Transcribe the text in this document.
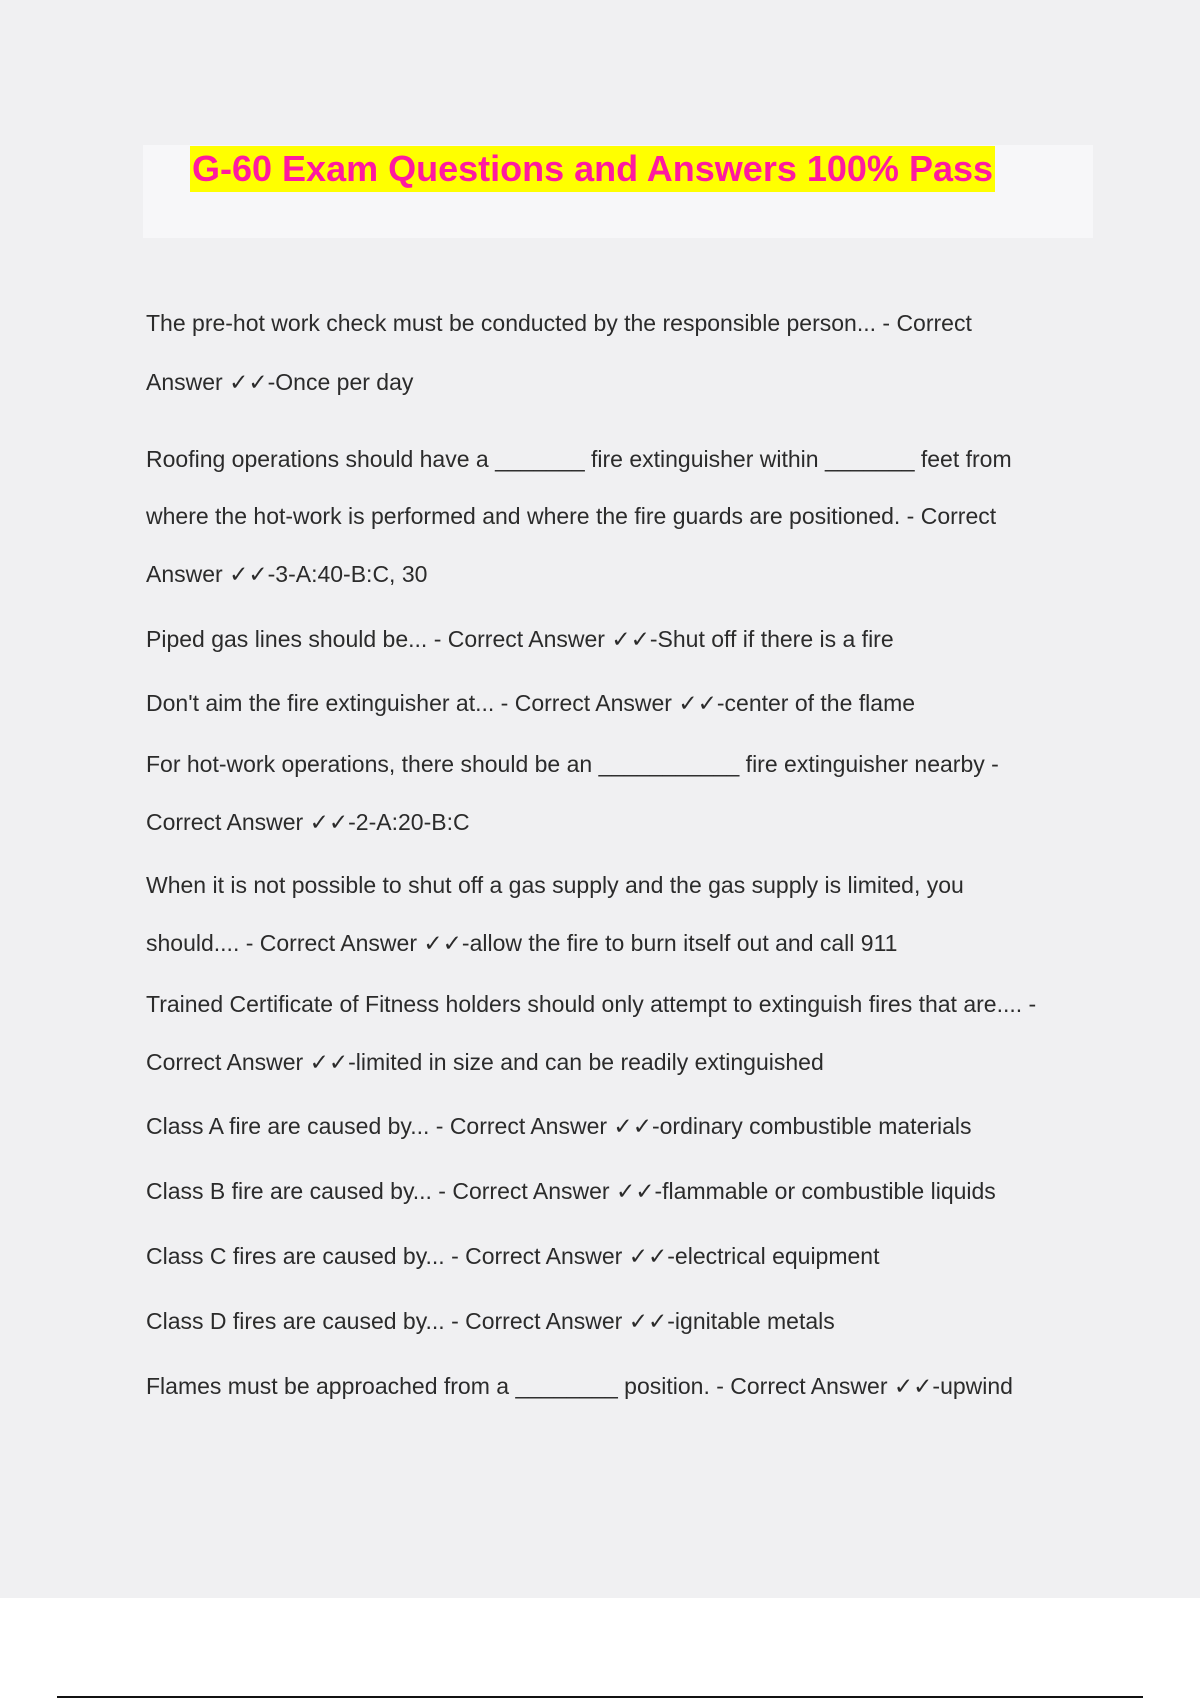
G-60 Exam Questions and Answers 100% Pass

The pre-hot work check must be conducted by the responsible person... - Correct

Answer ✓✓-Once per day

Roofing operations should have a _______ fire extinguisher within _______ feet from

where the hot-work is performed and where the fire guards are positioned. - Correct

Answer ✓✓-3-A:40-B:C, 30

Piped gas lines should be... - Correct Answer ✓✓-Shut off if there is a fire

Don't aim the fire extinguisher at... - Correct Answer ✓✓-center of the flame

For hot-work operations, there should be an ___________ fire extinguisher nearby -

Correct Answer ✓✓-2-A:20-B:C

When it is not possible to shut off a gas supply and the gas supply is limited, you

should.... - Correct Answer ✓✓-allow the fire to burn itself out and call 911

Trained Certificate of Fitness holders should only attempt to extinguish fires that are.... -

Correct Answer ✓✓-limited in size and can be readily extinguished

Class A fire are caused by... - Correct Answer ✓✓-ordinary combustible materials

Class B fire are caused by... - Correct Answer ✓✓-flammable or combustible liquids

Class C fires are caused by... - Correct Answer ✓✓-electrical equipment

Class D fires are caused by... - Correct Answer ✓✓-ignitable metals

Flames must be approached from a ________ position. - Correct Answer ✓✓-upwind
